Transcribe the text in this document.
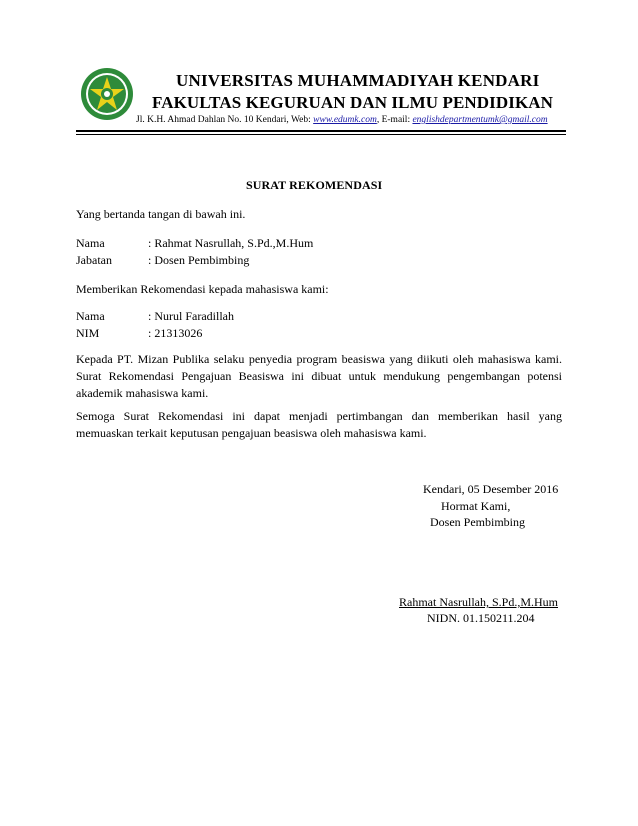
UNIVERSITAS MUHAMMADIYAH KENDARI
FAKULTAS KEGURUAN DAN ILMU PENDIDIKAN
Jl. K.H. Ahmad Dahlan No. 10 Kendari, Web: www.edumk.com, E-mail: englishdepartmentumk@gmail.com
SURAT REKOMENDASI
Yang bertanda tangan di bawah ini.
Nama	: Rahmat Nasrullah, S.Pd.,M.Hum
Jabatan	: Dosen Pembimbing
Memberikan Rekomendasi kepada mahasiswa kami:
Nama	: Nurul Faradillah
NIM	: 21313026
Kepada PT. Mizan Publika selaku penyedia program beasiswa yang diikuti oleh mahasiswa kami. Surat Rekomendasi Pengajuan Beasiswa ini dibuat untuk mendukung pengembangan potensi akademik mahasiswa kami.
Semoga Surat Rekomendasi ini dapat menjadi pertimbangan dan memberikan hasil yang memuaskan terkait keputusan pengajuan beasiswa oleh mahasiswa kami.
Kendari, 05 Desember 2016
Hormat Kami,
Dosen Pembimbing
Rahmat Nasrullah, S.Pd.,M.Hum
NIDN. 01.150211.204
